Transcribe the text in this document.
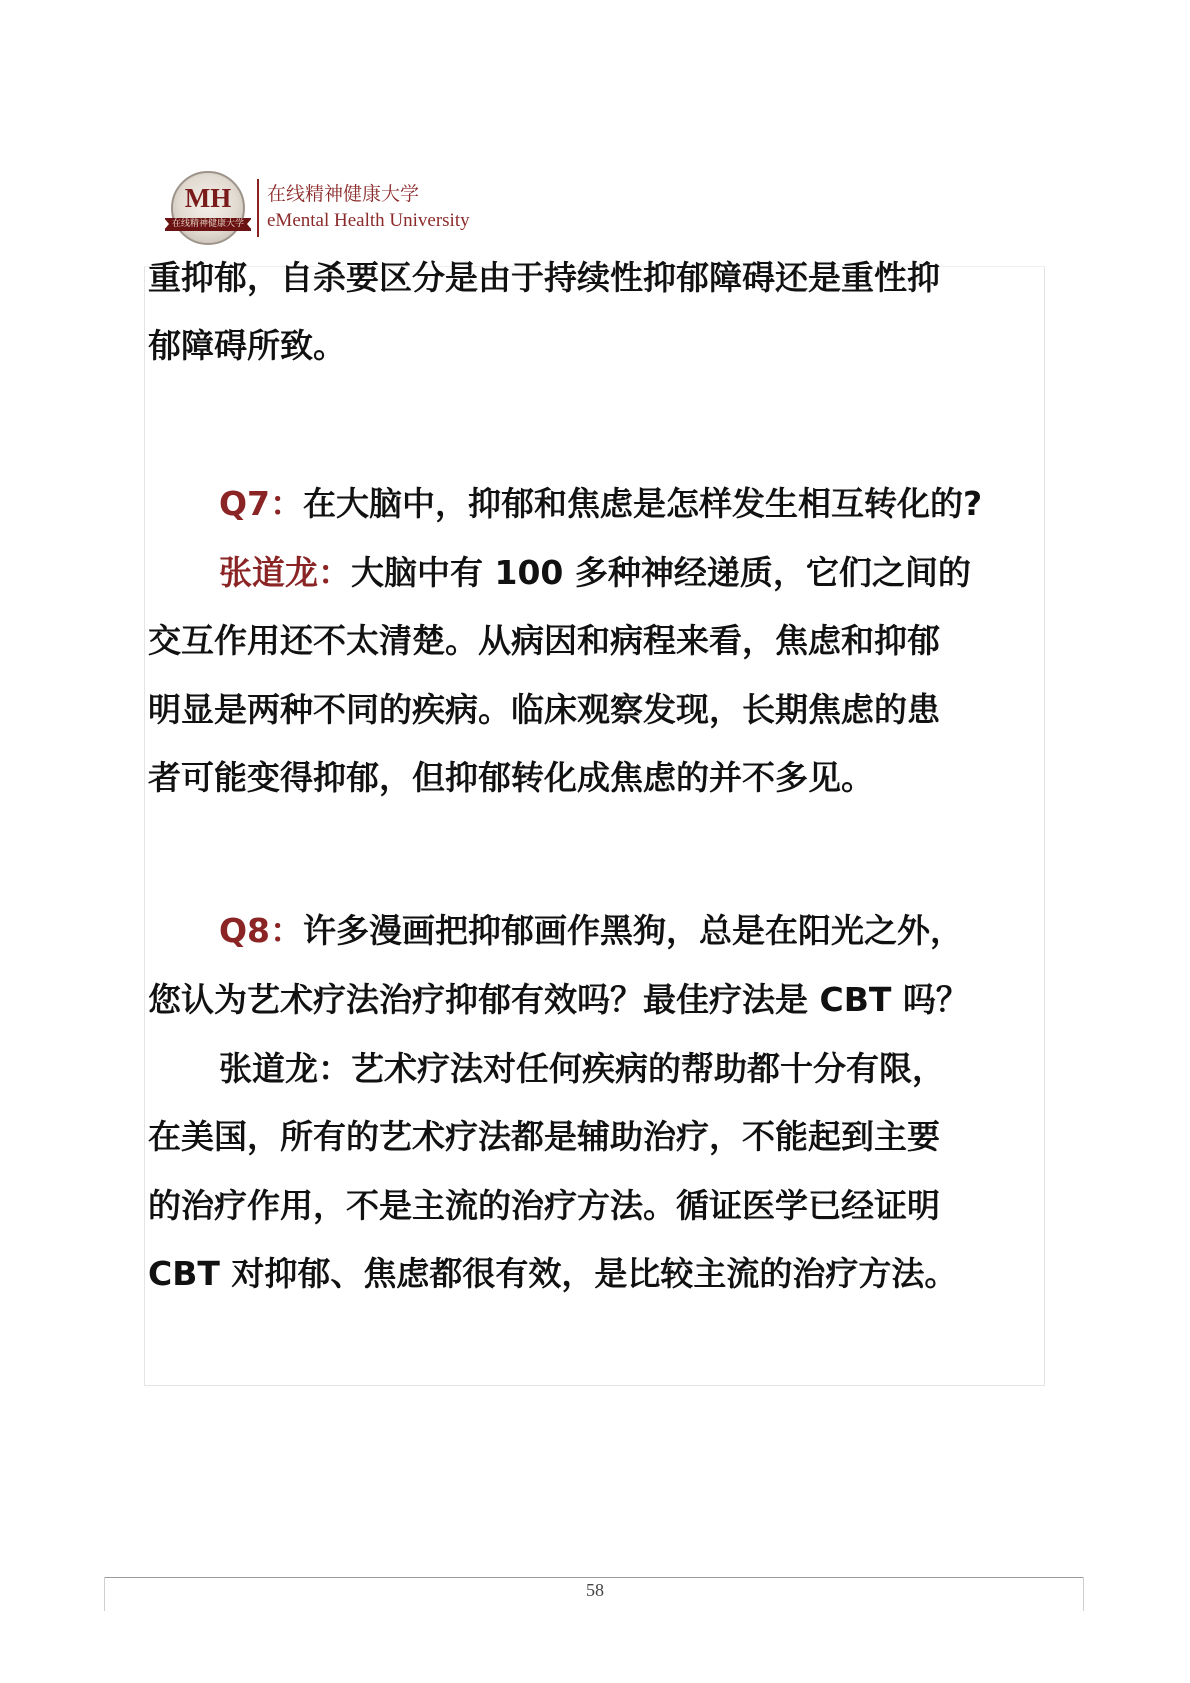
MH
在线精神健康大学
在线精神健康大学
eMental Health University
重抑郁，自杀要区分是由于持续性抑郁障碍还是重性抑
郁障碍所致。
Q7：在大脑中，抑郁和焦虑是怎样发生相互转化的?
张道龙：大脑中有 100 多种神经递质，它们之间的
交互作用还不太清楚。从病因和病程来看，焦虑和抑郁
明显是两种不同的疾病。临床观察发现，长期焦虑的患
者可能变得抑郁，但抑郁转化成焦虑的并不多见。
Q8：许多漫画把抑郁画作黑狗，总是在阳光之外，
您认为艺术疗法治疗抑郁有效吗？最佳疗法是 CBT 吗？
张道龙：艺术疗法对任何疾病的帮助都十分有限，
在美国，所有的艺术疗法都是辅助治疗，不能起到主要
的治疗作用，不是主流的治疗方法。循证医学已经证明
CBT 对抑郁、焦虑都很有效，是比较主流的治疗方法。
58
